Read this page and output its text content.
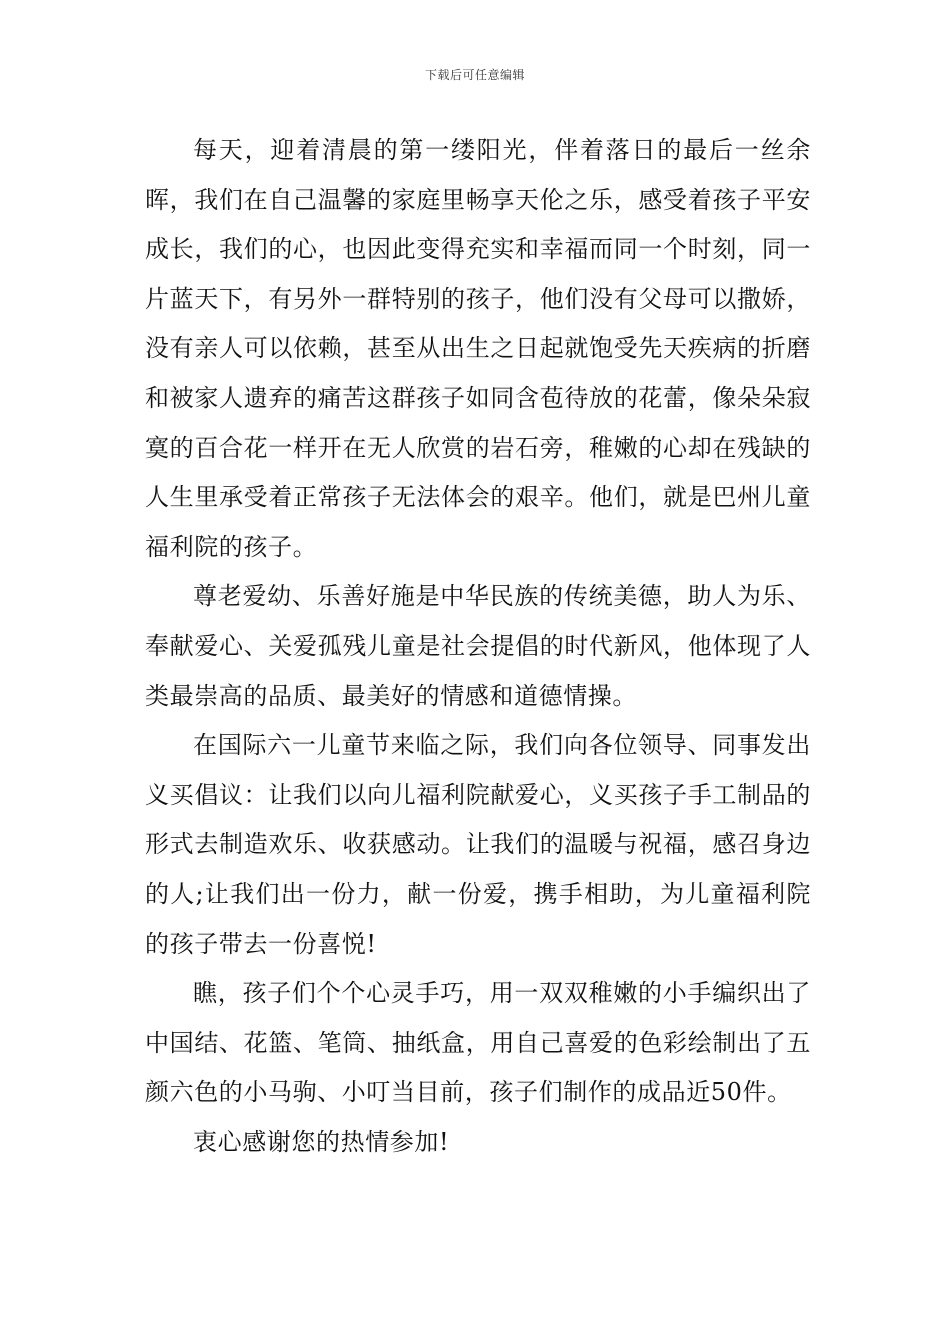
下载后可任意编辑

每天，迎着清晨的第一缕阳光，伴着落日的最后一丝余晖，我们在自己温馨的家庭里畅享天伦之乐，感受着孩子平安成长，我们的心，也因此变得充实和幸福而同一个时刻，同一片蓝天下，有另外一群特别的孩子，他们没有父母可以撒娇，没有亲人可以依赖，甚至从出生之日起就饱受先天疾病的折磨和被家人遗弃的痛苦这群孩子如同含苞待放的花蕾，像朵朵寂寞的百合花一样开在无人欣赏的岩石旁，稚嫩的心却在残缺的人生里承受着正常孩子无法体会的艰辛。他们，就是巴州儿童福利院的孩子。

尊老爱幼、乐善好施是中华民族的传统美德，助人为乐、奉献爱心、关爱孤残儿童是社会提倡的时代新风，他体现了人类最崇高的品质、最美好的情感和道德情操。

在国际六一儿童节来临之际，我们向各位领导、同事发出义买倡议：让我们以向儿福利院献爱心，义买孩子手工制品的形式去制造欢乐、收获感动。让我们的温暖与祝福，感召身边的人;让我们出一份力，献一份爱，携手相助，为儿童福利院的孩子带去一份喜悦!

瞧，孩子们个个心灵手巧，用一双双稚嫩的小手编织出了中国结、花篮、笔筒、抽纸盒，用自己喜爱的色彩绘制出了五颜六色的小马驹、小叮当目前，孩子们制作的成品近50件。

衷心感谢您的热情参加!
